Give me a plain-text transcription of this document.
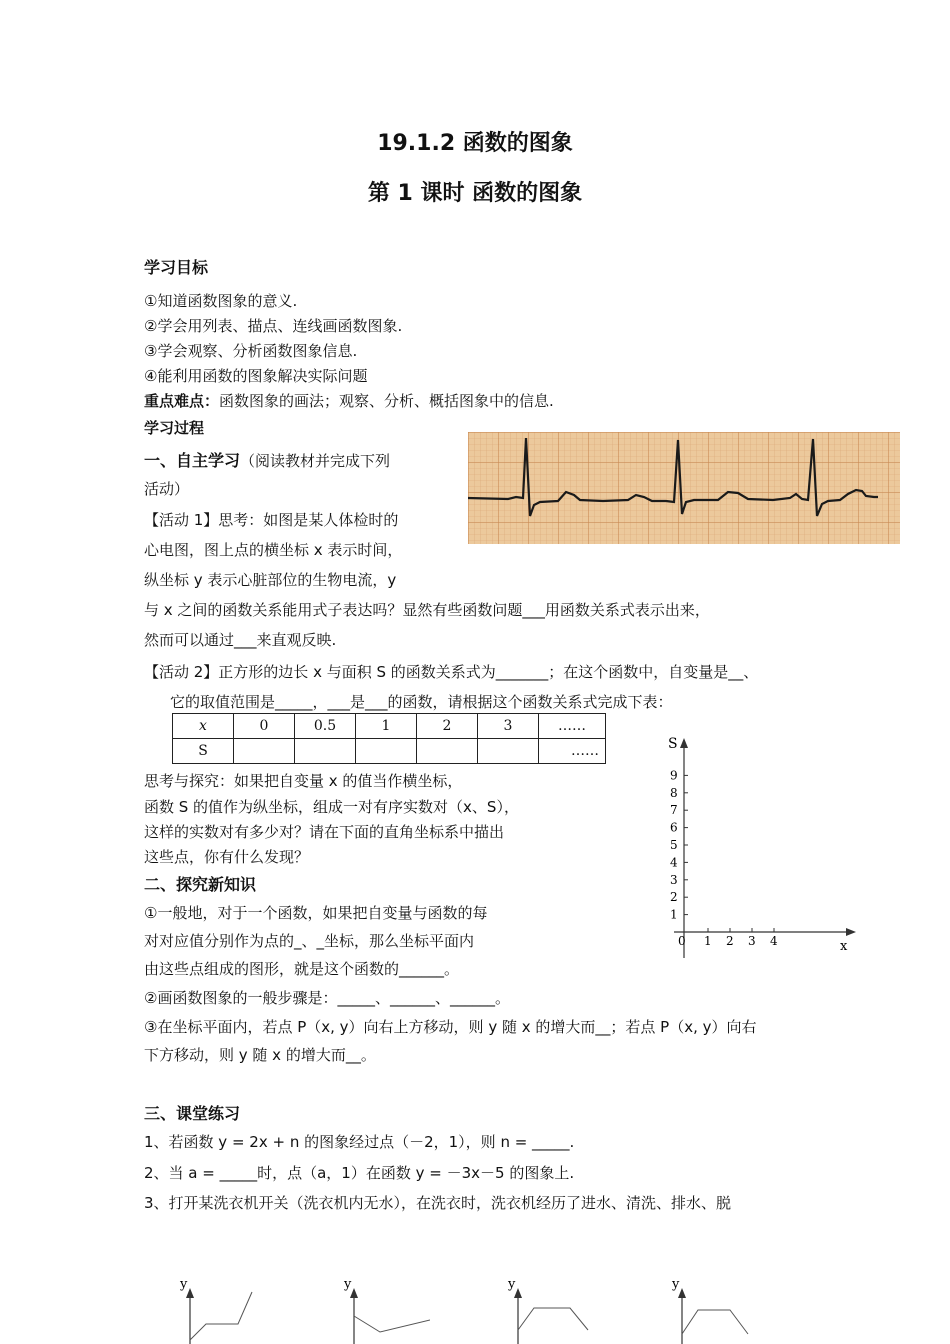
19.1.2 函数的图象
第 1 课时 函数的图象
学习目标
①知道函数图象的意义.
②学会用列表、描点、连线画函数图象.
③学会观察、分析函数图象信息.
④能利用函数的图象解决实际问题
重点难点：函数图象的画法；观察、分析、概括图象中的信息.
学习过程
一、自主学习（阅读教材并完成下列
活动）
【活动 1】思考：如图是某人体检时的
心电图，图上点的横坐标 x 表示时间，
纵坐标 y 表示心脏部位的生物电流，y
与 x 之间的函数关系能用式子表达吗？显然有些函数问题___用函数关系式表示出来，
然而可以通过___来直观反映.
【活动 2】正方形的边长 x 与面积 S 的函数关系式为_______；在这个函数中，自变量是__、
它的取值范围是_____，___是___的函数，请根据这个函数关系式完成下表：
x	0	0.5	1	2	3	……
S						……
思考与探究：如果把自变量 x 的值当作横坐标，
函数 S 的值作为纵坐标，组成一对有序实数对（x、S），
这样的实数对有多少对？请在下面的直角坐标系中描出
这些点，你有什么发现？
S
x
1
2
3
4
5
6
7
8
9
0 1 2 3 4
二、探究新知识
①一般地，对于一个函数，如果把自变量与函数的每
对对应值分别作为点的_、_坐标，那么坐标平面内
由这些点组成的图形，就是这个函数的______。
②画函数图象的一般步骤是：_____、______、______。
③在坐标平面内，若点 P（x, y）向右上方移动，则 y 随 x 的增大而__；若点 P（x, y）向右
下方移动，则 y 随 x 的增大而__。
三、课堂练习
1、若函数 y = 2x + n 的图象经过点（－2，1），则 n = _____.
2、当 a = _____时，点（a，1）在函数 y = －3x－5 的图象上.
3、打开某洗衣机开关（洗衣机内无水），在洗衣时，洗衣机经历了进水、清洗、排水、脱
y	y	y	y
